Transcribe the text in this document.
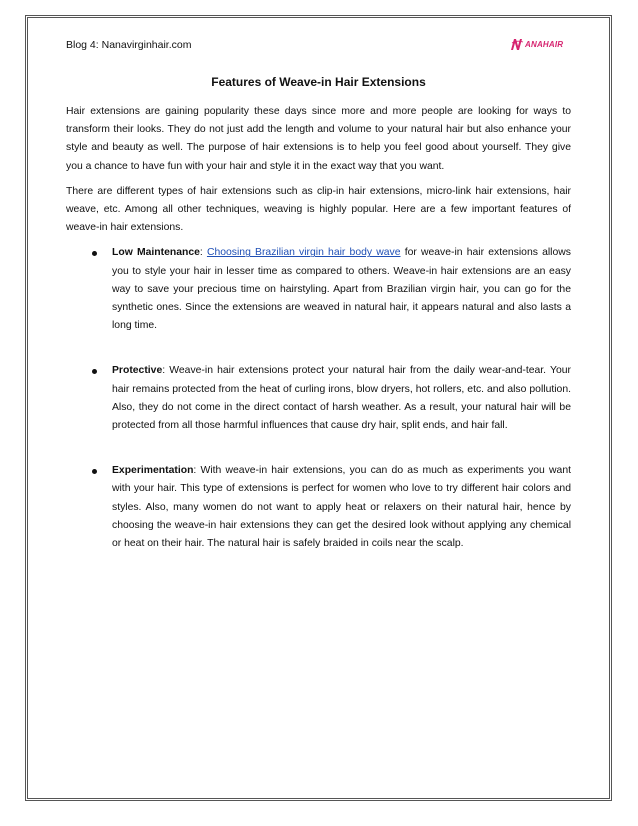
Blog 4: Nanavirginhair.com	ANAHAIR
Features of Weave-in Hair Extensions

Hair extensions are gaining popularity these days since more and more people are looking for ways to transform their looks. They do not just add the length and volume to your natural hair but also enhance your style and beauty as well. The purpose of hair extensions is to help you feel good about yourself. They give you a chance to have fun with your hair and style it in the exact way that you want.

There are different types of hair extensions such as clip-in hair extensions, micro-link hair extensions, hair weave, etc. Among all other techniques, weaving is highly popular. Here are a few important features of weave-in hair extensions.

Low Maintenance: Choosing Brazilian virgin hair body wave for weave-in hair extensions allows you to style your hair in lesser time as compared to others. Weave-in hair extensions are an easy way to save your precious time on hairstyling. Apart from Brazilian virgin hair, you can go for the synthetic ones. Since the extensions are weaved in natural hair, it appears natural and also lasts a long time.
Protective: Weave-in hair extensions protect your natural hair from the daily wear-and-tear. Your hair remains protected from the heat of curling irons, blow dryers, hot rollers, etc. and also pollution. Also, they do not come in the direct contact of harsh weather. As a result, your natural hair will be protected from all those harmful influences that cause dry hair, split ends, and hair fall.
Experimentation: With weave-in hair extensions, you can do as much as experiments you want with your hair. This type of extensions is perfect for women who love to try different hair colors and styles. Also, many women do not want to apply heat or relaxers on their natural hair, hence by choosing the weave-in hair extensions they can get the desired look without applying any chemical or heat on their hair. The natural hair is safely braided in coils near the scalp.
